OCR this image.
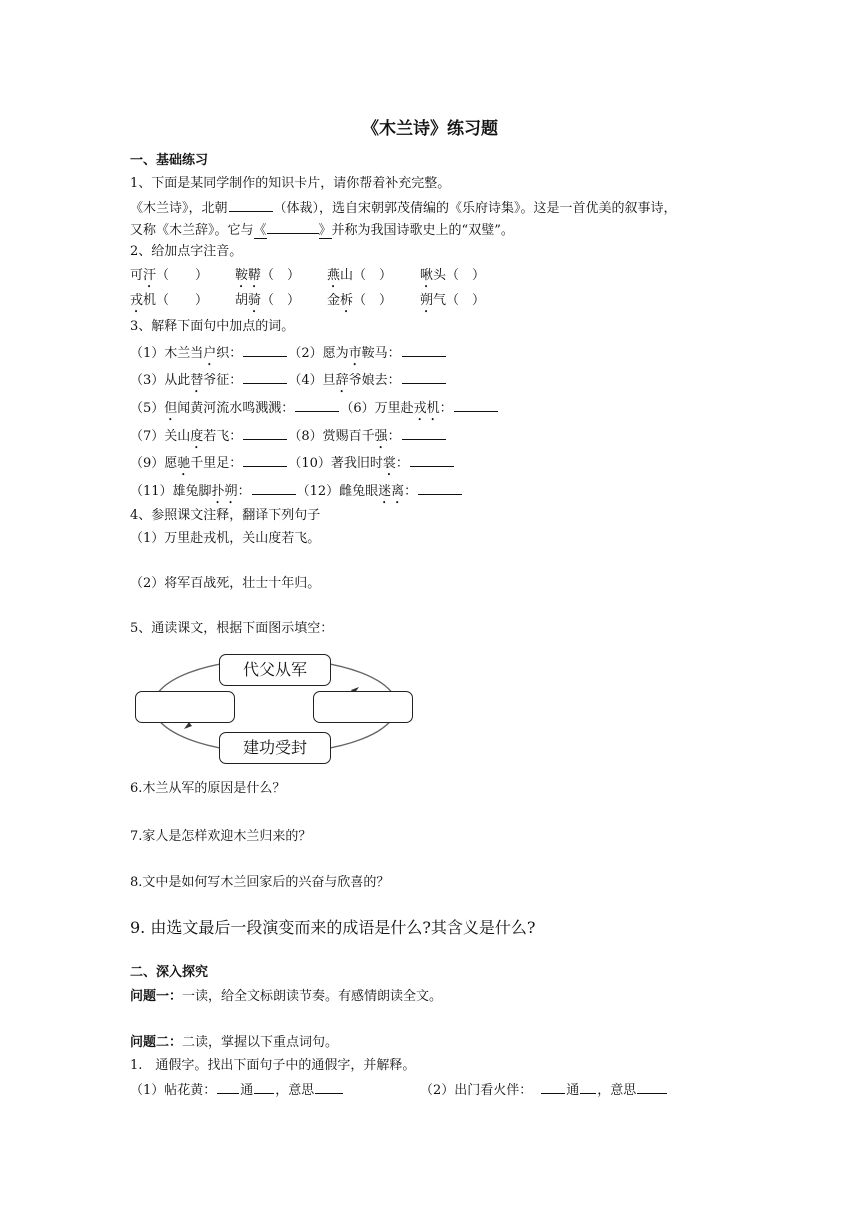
《木兰诗》练习题
一、基础练习
1、下面是某同学制作的知识卡片，请你帮着补充完整。
《木兰诗》，北朝	（体裁），选自宋朝郭茂倩编的《乐府诗集》。这是一首优美的叙事诗，
又称《木兰辞》。它与《	》并称为我国诗歌史上的“双璧”。
2、给加点字注音。
可汗（　　） 鞍鞯（　） 燕山（　） 啾头（　）
戎机（　　） 胡骑（　） 金柝（　） 朔气（　）
3、解释下面句中加点的词。
（1）木兰当户织：	（2）愿为市鞍马：
（3）从此替爷征：	（4）旦辞爷娘去：
（5）但闻黄河流水鸣溅溅：	（6）万里赴戎机：
（7）关山度若飞：	（8）赏赐百千强：
（9）愿驰千里足：	（10）著我旧时裳：
（11）雄兔脚扑朔：	（12）雌兔眼迷离：
4、参照课文注释，翻译下列句子
（1）万里赴戎机，关山度若飞。
（2）将军百战死，壮士十年归。
5、通读课文，根据下面图示填空：
代父从军
建功受封
6.木兰从军的原因是什么？
7.家人是怎样欢迎木兰归来的？
8.文中是如何写木兰回家后的兴奋与欣喜的？
9. 由选文最后一段演变而来的成语是什么?其含义是什么?
二、深入探究
问题一：一读，给全文标朗读节奏。有感情朗读全文。
问题二：二读，掌握以下重点词句。
1.　通假字。找出下面句子中的通假字，并解释。
（1）帖花黄： 通 ，意思	（2）出门看火伴：	通 ，意思
